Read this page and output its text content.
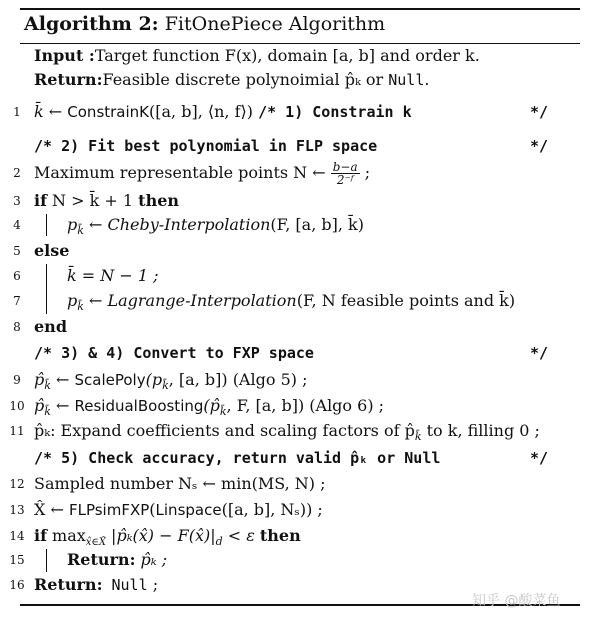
Algorithm 2: FitOnePiece Algorithm
Input :Target function F(x), domain [a, b] and order k.
Return:Feasible discrete polynoimial p̂ₖ or Null.
1 k̄ ← ConstrainK([a, b], ⟨n, f⟩) /* 1) Constrain k	*/
/* 2) Fit best polynomial in FLP space	*/
2 Maximum representable points N ← $\frac{b-a}{\text{2⁻ᶠ}}$ ;
3 if N > k̄ + 1 then
4	$p_{k̄}$ ← Cheby-Interpolation(F, [a, b], k̄)
5 else
6	k̄ = N − 1 ;
7	$p_{k̄}$ ← Lagrange-Interpolation(F, N feasible points and k̄)
8 end
/* 3) & 4) Convert to FXP space	*/
9 $p̂_{k̄}$ ← $ScalePoly(p_{k̄}$, [a, b]) (Algo 5) ;
10 $p̂_{k̄}$ ← $ResidualBoosting(p̂_{k̄}$, F, [a, b]) (Algo 6) ;
11 p̂ₖ: Expand coefficients and scaling factors of $p̂_{k̄}$ to k, filling 0 ;
/* 5) Check accuracy, return valid p̂ₖ or Null	*/
12 Sampled number Nₛ ← min(MS, N) ;
13 X̂ ← FLPsimFXP(Linspace([a, b], Nₛ)) ;
14 if $\max_{x̂\in X̂}$ |p̂ₖ(x̂) − $F(x̂)|_d < \varepsilon$ then
15	Return: p̂ₖ ;
16 Return: Null ;
知乎 @酸菜鱼
